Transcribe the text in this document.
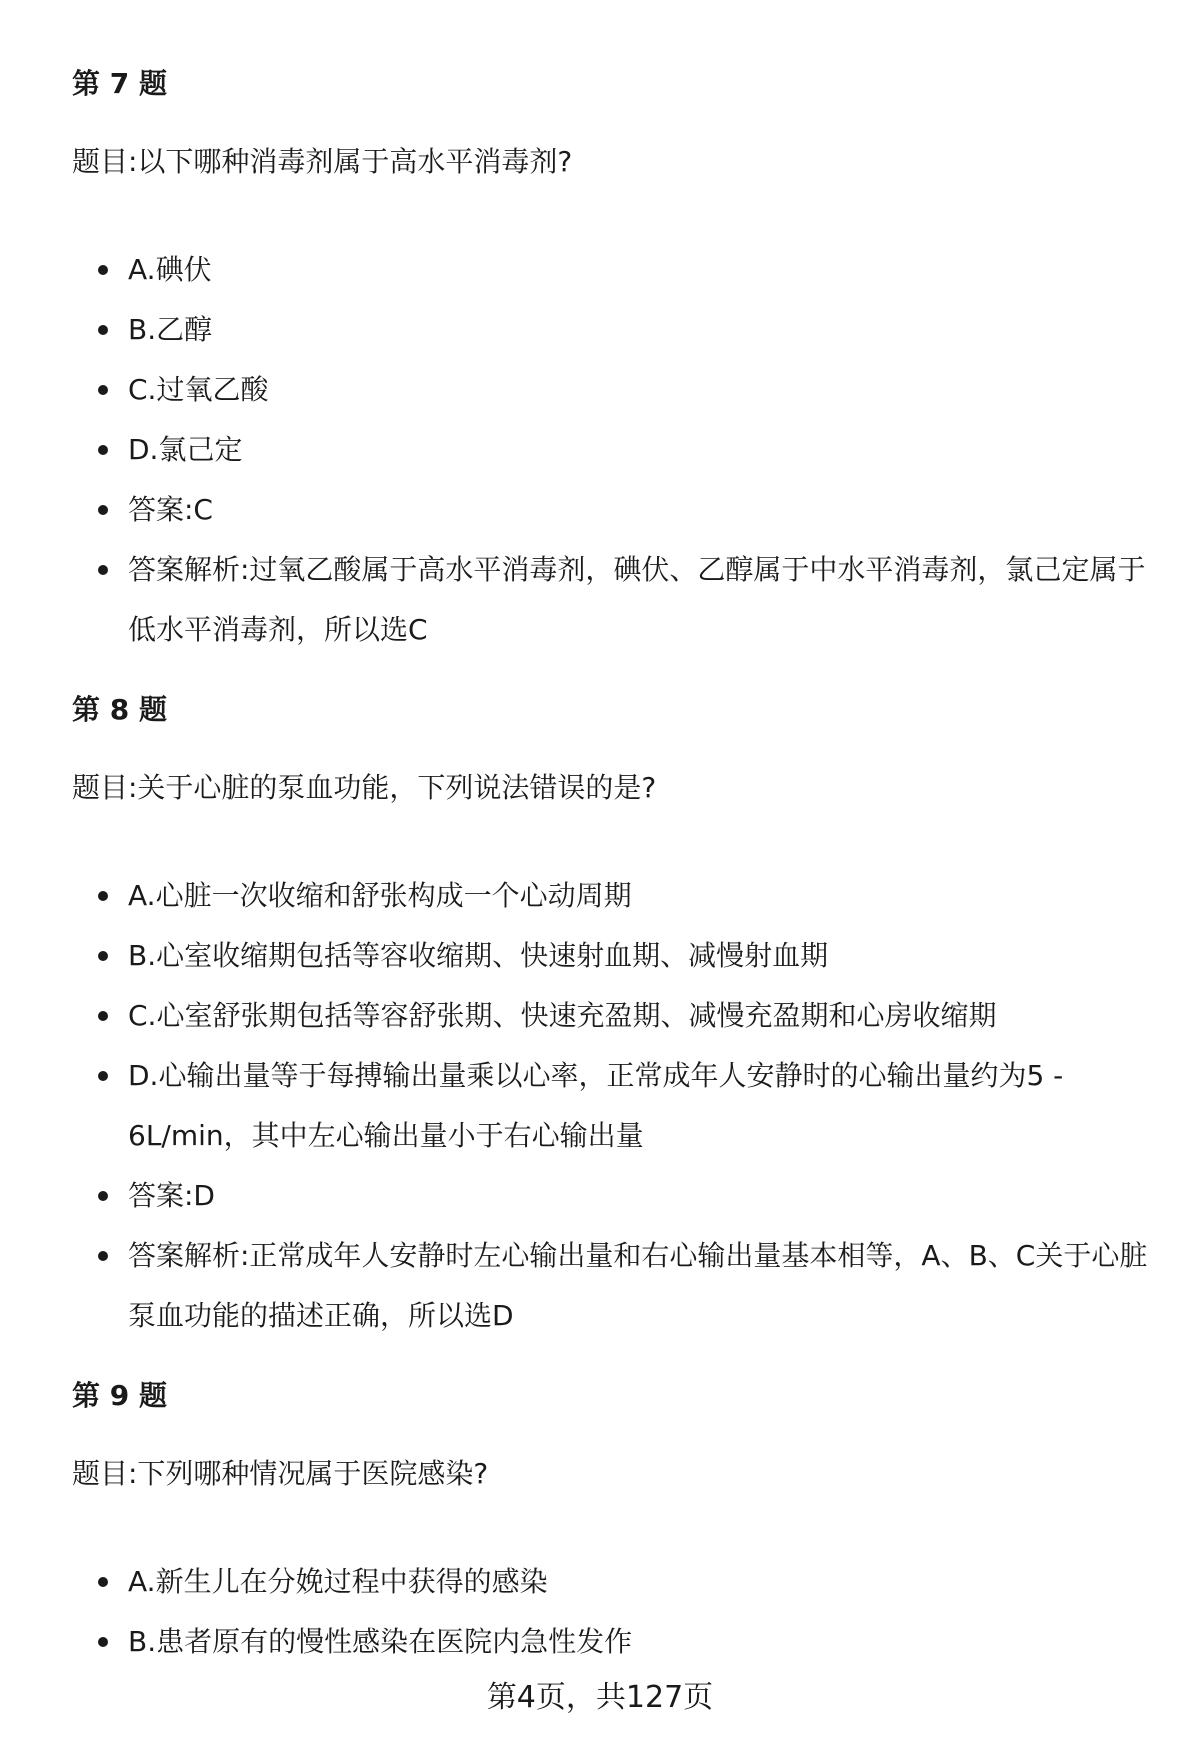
第 7 题

题目:以下哪种消毒剂属于高水平消毒剂?

A.碘伏
B.乙醇
C.过氧乙酸
D.氯己定
答案:C
答案解析:过氧乙酸属于高水平消毒剂，碘伏、乙醇属于中水平消毒剂，氯己定属于低水平消毒剂，所以选C
第 8 题

题目:关于心脏的泵血功能，下列说法错误的是?

A.心脏一次收缩和舒张构成一个心动周期
B.心室收缩期包括等容收缩期、快速射血期、减慢射血期
C.心室舒张期包括等容舒张期、快速充盈期、减慢充盈期和心房收缩期
D.心输出量等于每搏输出量乘以心率，正常成年人安静时的心输出量约为5 - 6L/min，其中左心输出量小于右心输出量
答案:D
答案解析:正常成年人安静时左心输出量和右心输出量基本相等，A、B、C关于心脏泵血功能的描述正确，所以选D
第 9 题

题目:下列哪种情况属于医院感染?

A.新生儿在分娩过程中获得的感染
B.患者原有的慢性感染在医院内急性发作
第4页，共127页
